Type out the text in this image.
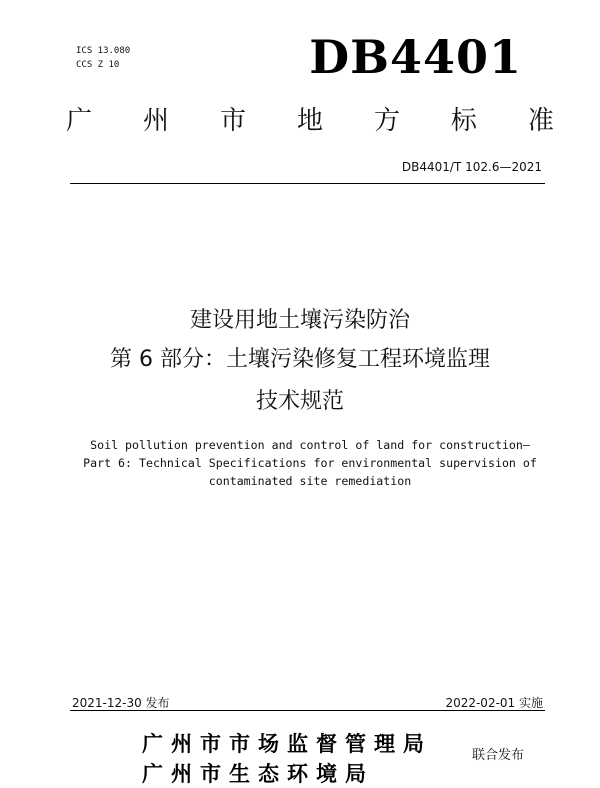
ICS 13.080
CCS Z 10	DB4401
广 州 市 地 方 标 准
DB4401/T 102.6—2021
建设用地土壤污染防治
第 6 部分：土壤污染修复工程环境监理
技术规范
Soil pollution prevention and control of land for construction—
Part 6: Technical Specifications for environmental supervision of
contaminated site remediation
2021-12-30 发布	2022-02-01 实施
广州市市场监督管理局
广州市生态环境局
联合发布
